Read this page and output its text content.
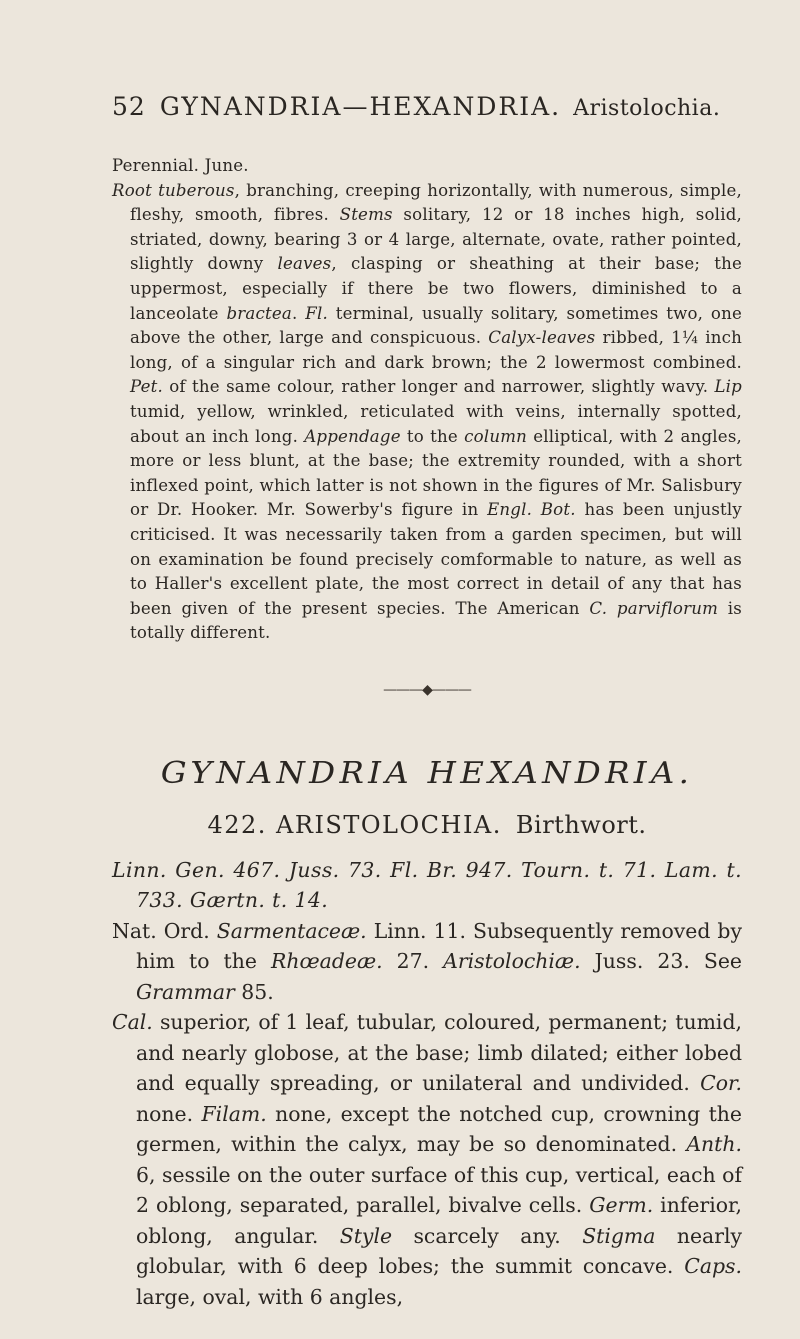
52 GYNANDRIA—HEXANDRIA. Aristolochia.

Perennial. June.

Root tuberous, branching, creeping horizontally, with numerous, simple, fleshy, smooth, fibres. Stems solitary, 12 or 18 inches high, solid, striated, downy, bearing 3 or 4 large, alternate, ovate, rather pointed, slightly downy leaves, clasping or sheathing at their base; the uppermost, especially if there be two flowers, diminished to a lanceolate bractea. Fl. terminal, usually solitary, sometimes two, one above the other, large and conspicuous. Calyx-leaves ribbed, 1¼ inch long, of a singular rich and dark brown; the 2 lowermost combined. Pet. of the same colour, rather longer and narrower, slightly wavy. Lip tumid, yellow, wrinkled, reticulated with veins, internally spotted, about an inch long. Appendage to the column elliptical, with 2 angles, more or less blunt, at the base; the extremity rounded, with a short inflexed point, which latter is not shown in the figures of Mr. Salisbury or Dr. Hooker. Mr. Sowerby's figure in Engl. Bot. has been unjustly criticised. It was necessarily taken from a garden specimen, but will on examination be found precisely comformable to nature, as well as to Haller's excellent plate, the most correct in detail of any that has been given of the present species. The American C. parviflorum is totally different.

———◆———
GYNANDRIA HEXANDRIA.
422. ARISTOLOCHIA. Birthwort.

Linn. Gen. 467. Juss. 73. Fl. Br. 947. Tourn. t. 71. Lam. t. 733. Gærtn. t. 14.

Nat. Ord. Sarmentaceæ. Linn. 11. Subsequently removed by him to the Rhœadeæ. 27. Aristolochiæ. Juss. 23. See Grammar 85.

Cal. superior, of 1 leaf, tubular, coloured, permanent; tumid, and nearly globose, at the base; limb dilated; either lobed and equally spreading, or unilateral and undivided. Cor. none. Filam. none, except the notched cup, crowning the germen, within the calyx, may be so denominated. Anth. 6, sessile on the outer surface of this cup, vertical, each of 2 oblong, separated, parallel, bivalve cells. Germ. inferior, oblong, angular. Style scarcely any. Stigma nearly globular, with 6 deep lobes; the summit concave. Caps. large, oval, with 6 angles,
